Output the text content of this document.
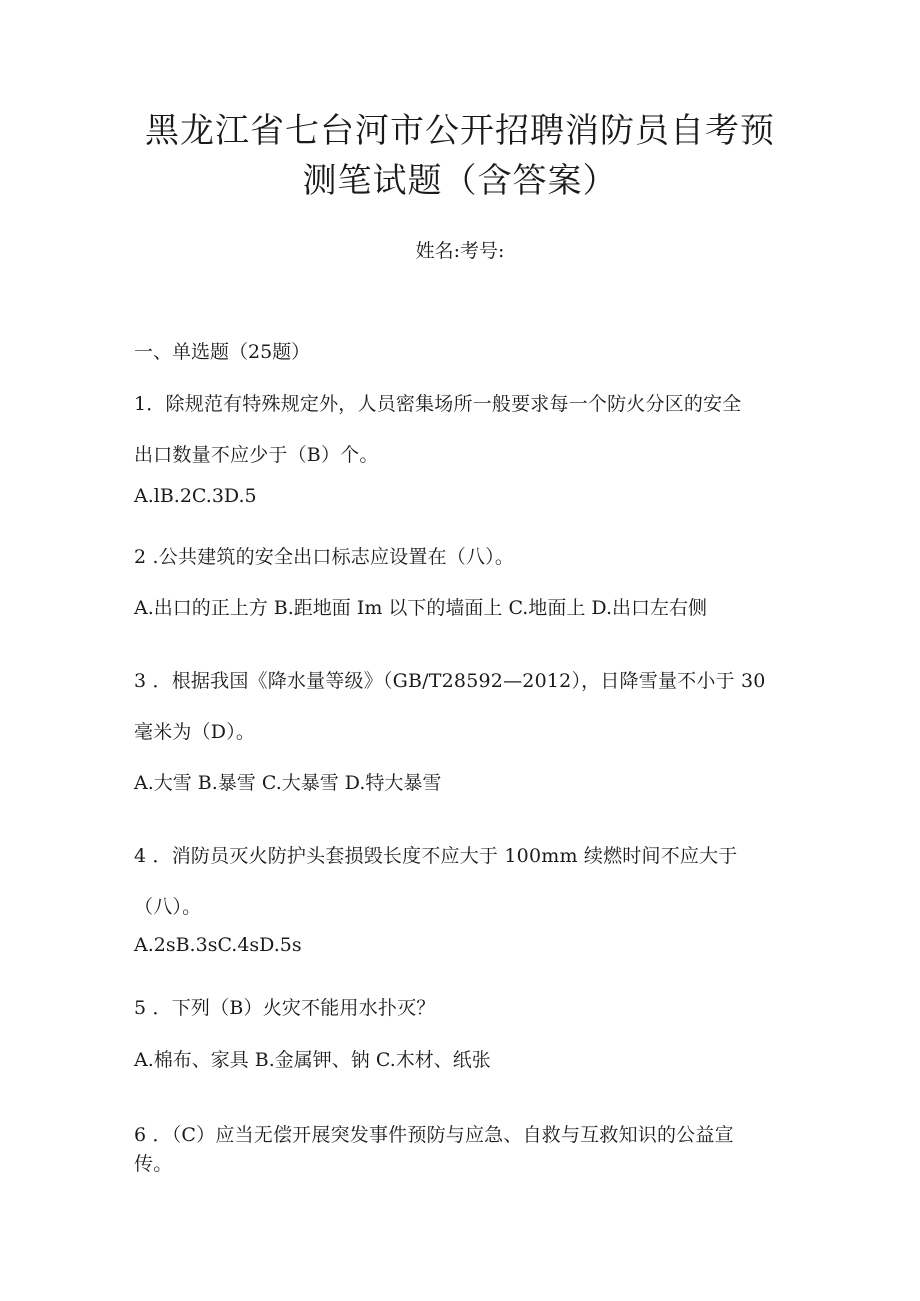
黑龙江省七台河市公开招聘消防员自考预
测笔试题（含答案）
姓名:考号:
一、单选题（25题）
1．除规范有特殊规定外，人员密集场所一般要求每一个防火分区的安全
出口数量不应少于（B）个。
A.lB.2C.3D.5
2 .公共建筑的安全出口标志应设置在（八）。
A.出口的正上方 B.距地面 Im 以下的墙面上 C.地面上 D.出口左右侧
3 ．根据我国《降水量等级》（GB/T28592—2012），日降雪量不小于 30
毫米为（D）。
A.大雪 B.暴雪 C.大暴雪 D.特大暴雪
4 ．消防员灭火防护头套损毁长度不应大于 100mm 续燃时间不应大于
（八）。
A.2sB.3sC.4sD.5s
5 ．下列（B）火灾不能用水扑灭？
A.棉布、家具 B.金属钾、钠 C.木材、纸张
6 ．（C）应当无偿开展突发事件预防与应急、自救与互救知识的公益宣
传。
